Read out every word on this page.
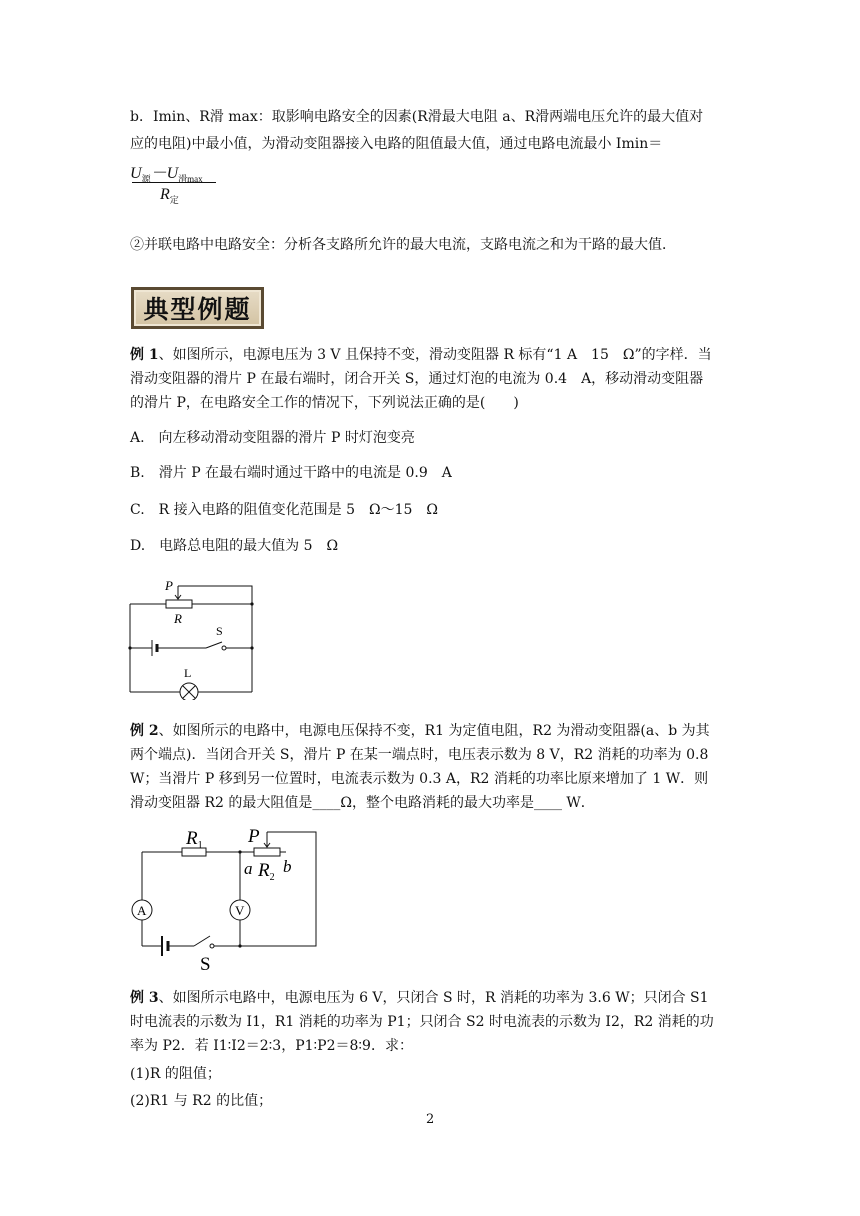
b．Imin、R滑 max：取影响电路安全的因素(R滑最大电阻 a、R滑两端电压允许的最大值对
应的电阻)中最小值，为滑动变阻器接入电路的阻值最大值，通过电路电流最小 Imin＝
$U_源-U_{滑max}$
$R_定$
②并联电路中电路安全：分析各支路所允许的最大电流，支路电流之和为干路的最大值．
典型例题
例 1、如图所示，电源电压为 3 V 且保持不变，滑动变阻器 R 标有“1 A　15　Ω”的字样．当
滑动变阻器的滑片 P 在最右端时，闭合开关 S，通过灯泡的电流为 0.4　A，移动滑动变阻器
的滑片 P，在电路安全工作的情况下，下列说法正确的是(　　)
A.　向左移动滑动变阻器的滑片 P 时灯泡变亮
B.　滑片 P 在最右端时通过干路中的电流是 0.9　A
C.　R 接入电路的阻值变化范围是 5　Ω～15　Ω
D.　电路总电阻的最大值为 5　Ω
P
R
S
L
例 2、如图所示的电路中，电源电压保持不变，R1 为定值电阻，R2 为滑动变阻器(a、b 为其
两个端点)．当闭合开关 S，滑片 P 在某一端点时，电压表示数为 8 V，R2 消耗的功率为 0.8
W；当滑片 P 移到另一位置时，电流表示数为 0.3 A，R2 消耗的功率比原来增加了 1 W．则
滑动变阻器 R2 的最大阻值是____Ω，整个电路消耗的最大功率是____ W．
$R_1$ P
a $R_2$
b
A	V
S
例 3、如图所示电路中，电源电压为 6 V，只闭合 S 时，R 消耗的功率为 3.6 W；只闭合 S1
时电流表的示数为 I1，R1 消耗的功率为 P1；只闭合 S2 时电流表的示数为 I2，R2 消耗的功
率为 P2．若 I1∶I2＝2∶3，P1∶P2＝8∶9．求：
(1)R 的阻值；
(2)R1 与 R2 的比值；
2
